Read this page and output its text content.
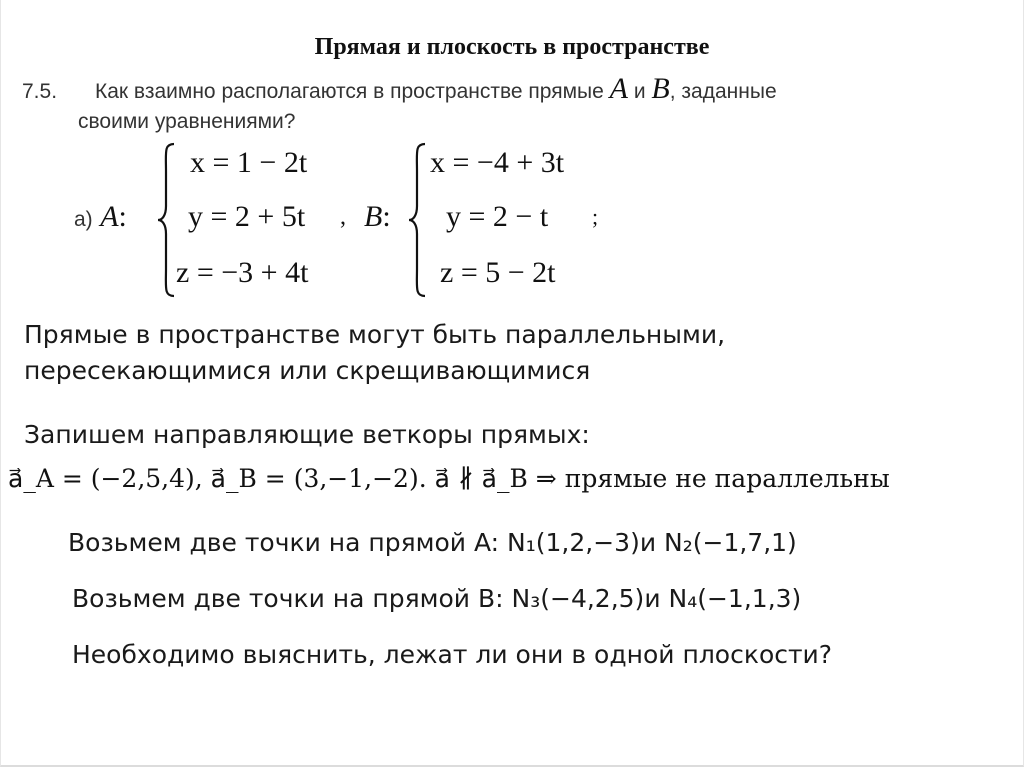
Прямая и плоскость в пространстве
7.5. Как взаимно располагаются в пространстве прямые A и B, заданные
своими уравнениями?
а) A:
x = 1 − 2t
y = 2 + 5t
z = −3 + 4t
, B:
x = −4 + 3t
y = 2 − t
z = 5 − 2t
;
Прямые в пространстве могут быть параллельными,
пересекающимися или скрещивающимися
Запишем направляющие веткоры прямых:
a⃗_A = (−2,5,4), a⃗_B = (3,−1,−2). a⃗ ∦ a⃗_B ⇒ прямые не параллельны
Возьмем две точки на прямой A: N₁(1,2,−3)и N₂(−1,7,1)
Возьмем две точки на прямой B: N₃(−4,2,5)и N₄(−1,1,3)
Необходимо выяснить, лежат ли они в одной плоскости?
